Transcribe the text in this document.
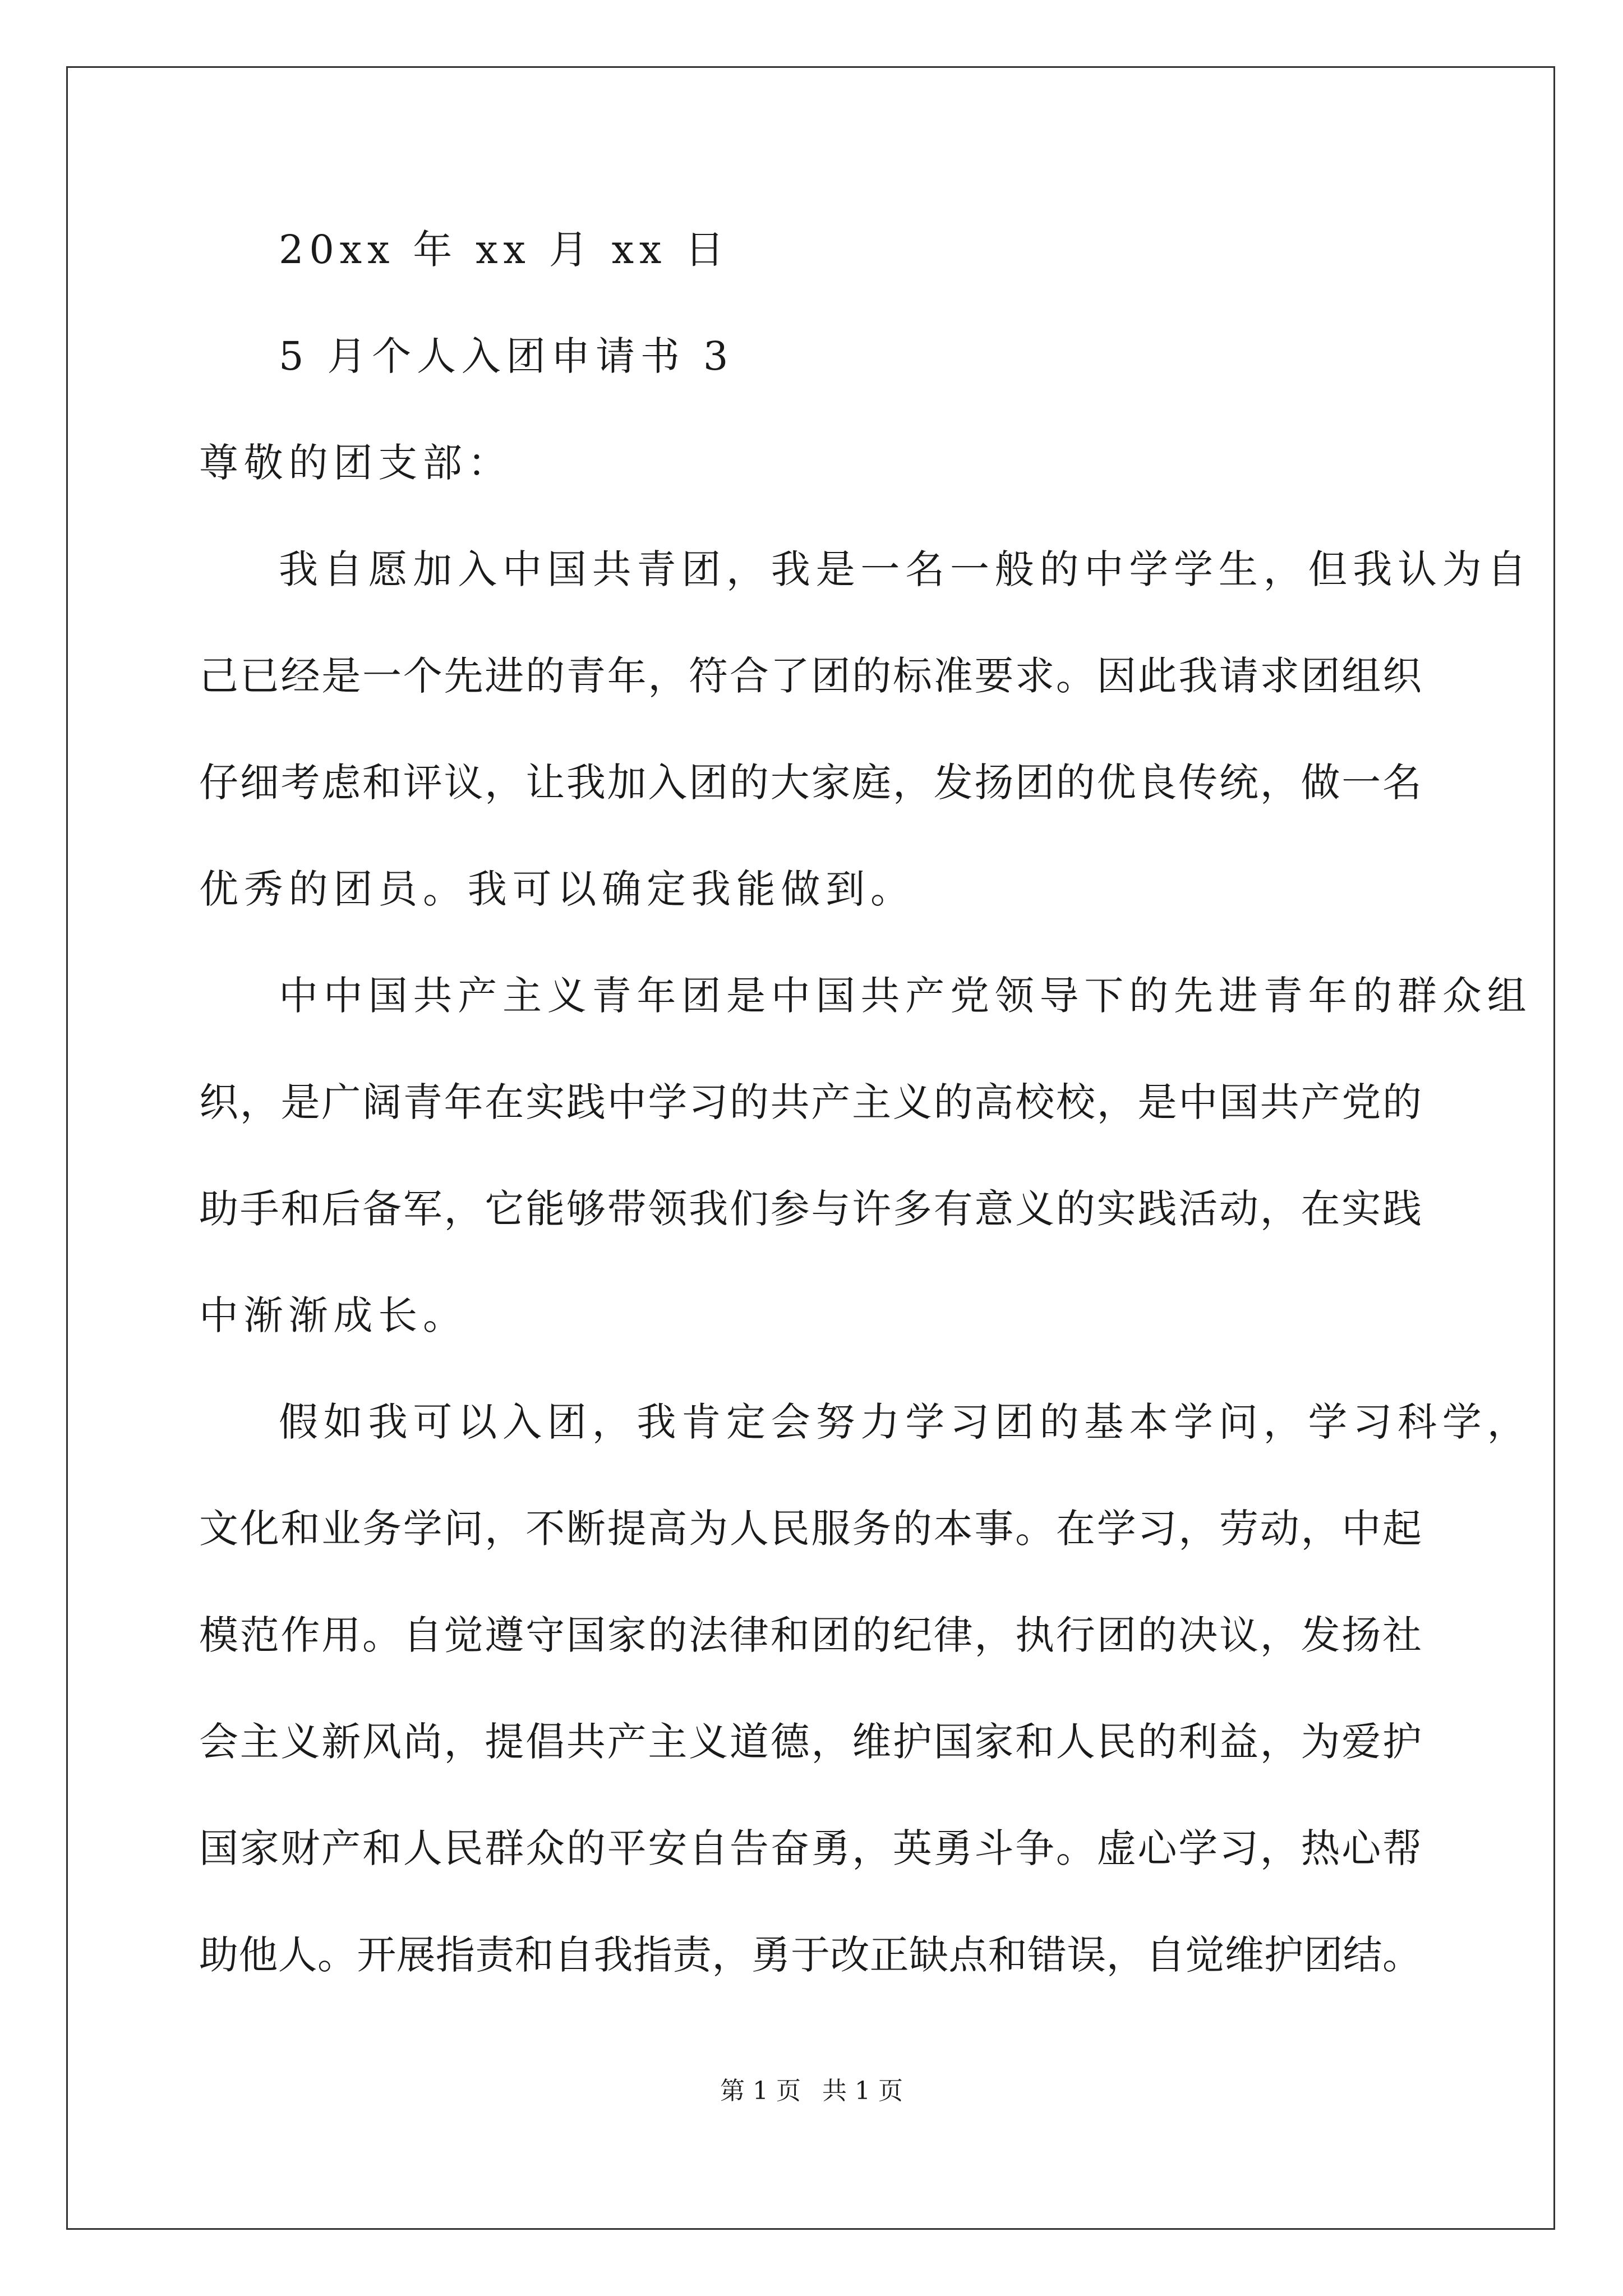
20xx 年 xx 月 xx 日
5 月个人入团申请书 3
尊敬的团支部：
我自愿加入中国共青团，我是一名一般的中学学生，但我认为自
己已经是一个先进的青年，符合了团的标准要求。因此我请求团组织
仔细考虑和评议，让我加入团的大家庭，发扬团的优良传统，做一名
优秀的团员。我可以确定我能做到。
中中国共产主义青年团是中国共产党领导下的先进青年的群众组
织，是广阔青年在实践中学习的共产主义的高校校，是中国共产党的
助手和后备军，它能够带领我们参与许多有意义的实践活动，在实践
中渐渐成长。
假如我可以入团，我肯定会努力学习团的基本学问，学习科学，
文化和业务学问，不断提高为人民服务的本事。在学习，劳动，中起
模范作用。自觉遵守国家的法律和团的纪律，执行团的决议，发扬社
会主义新风尚，提倡共产主义道德，维护国家和人民的利益，为爱护
国家财产和人民群众的平安自告奋勇，英勇斗争。虚心学习，热心帮
助他人。开展指责和自我指责，勇于改正缺点和错误，自觉维护团结。
第 1 页 共 1 页
